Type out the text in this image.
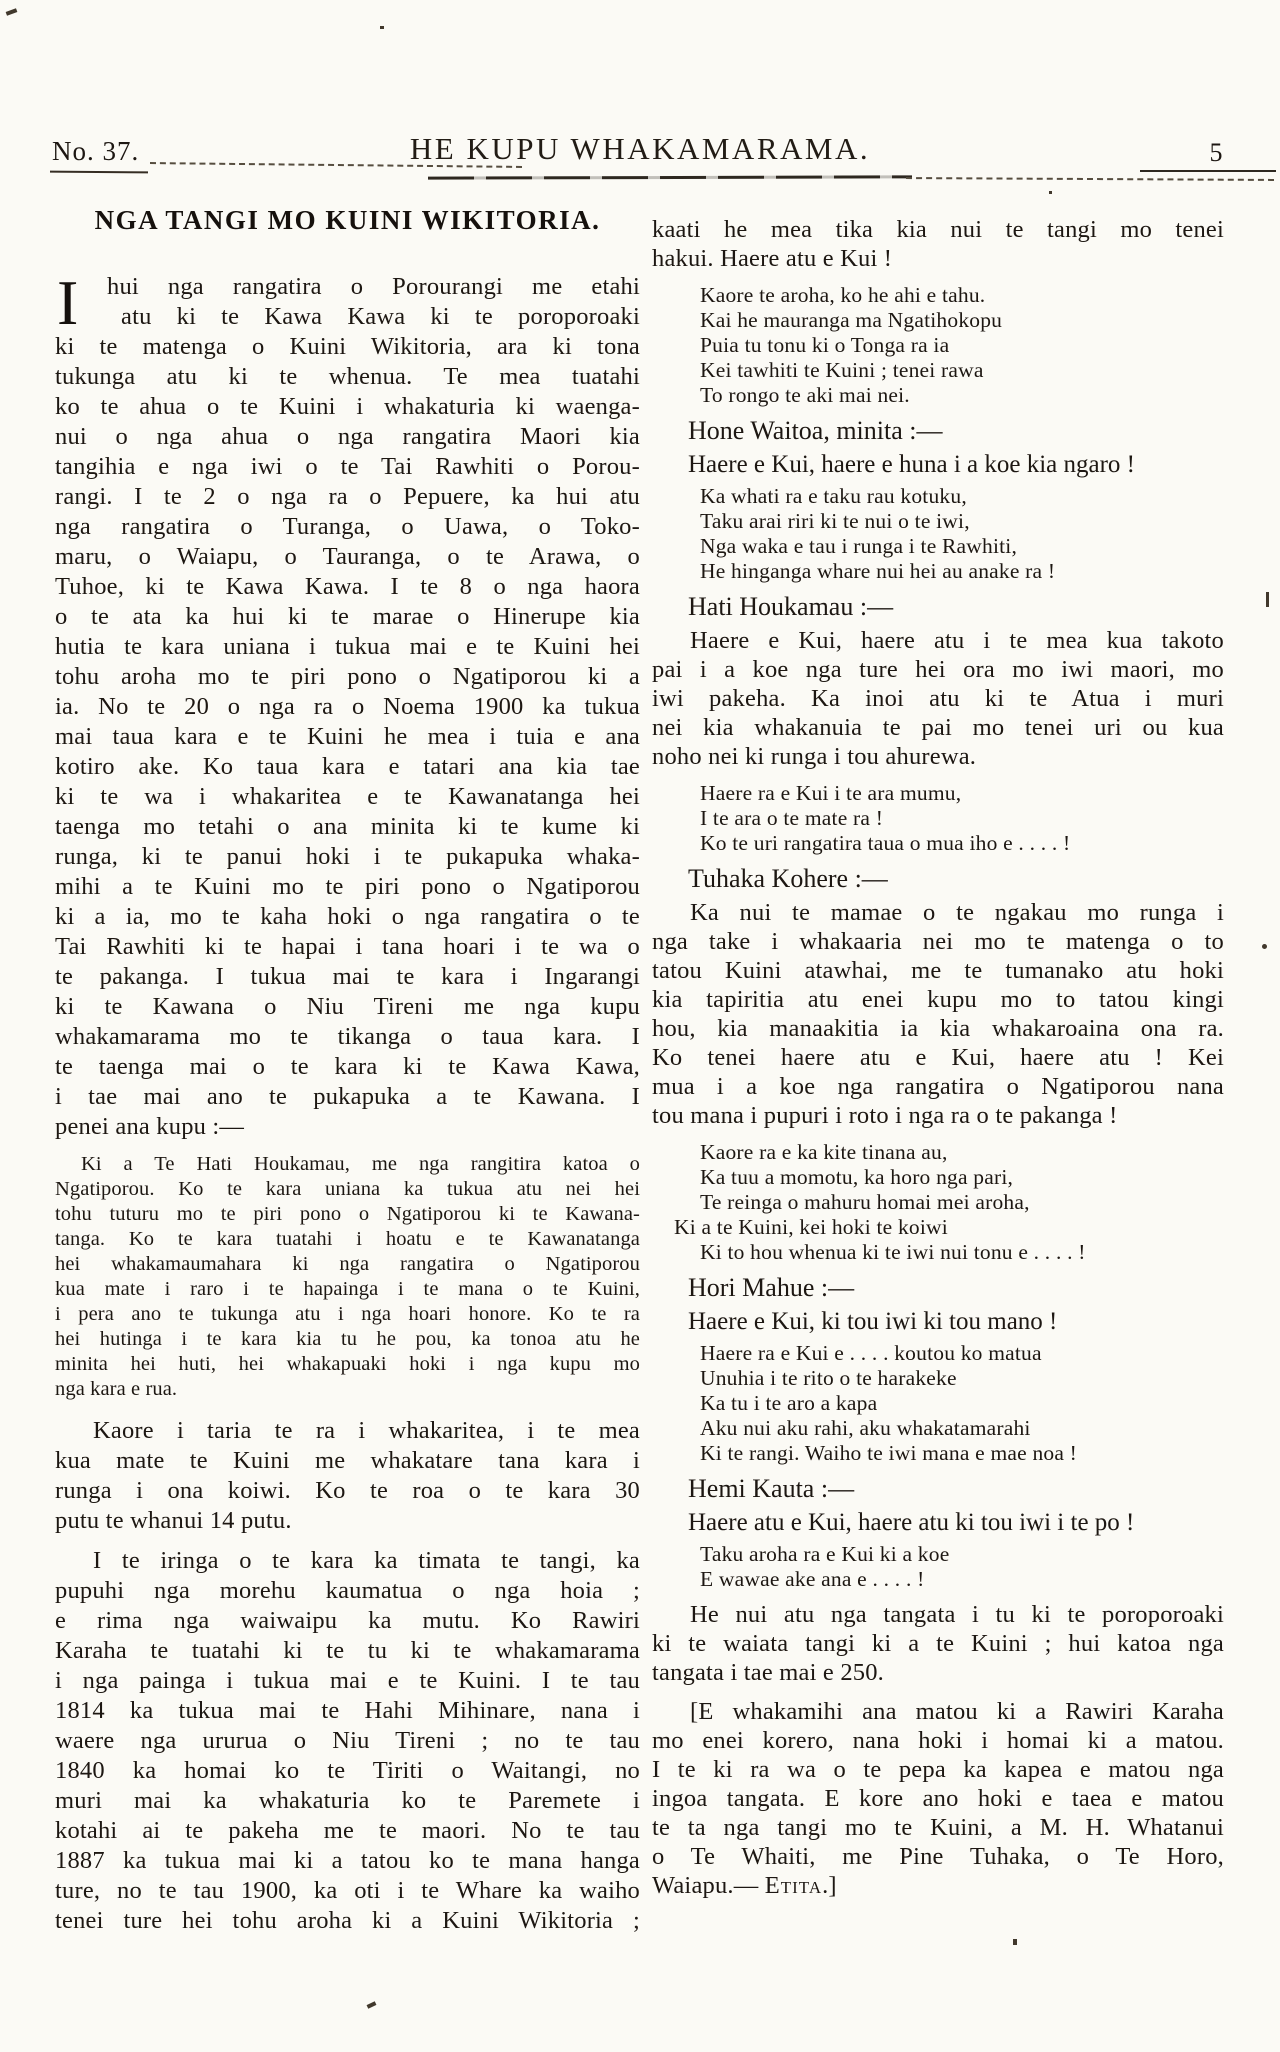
No. 37.	HE KUPU WHAKAMARAMA.	5
NGA TANGI MO KUINI WIKITORIA.
I	hui nga rangatira o Porourangi me etahi
atu ki te Kawa Kawa ki te poroporoaki
ki te matenga o Kuini Wikitoria, ara ki tona
tukunga atu ki te whenua. Te mea tuatahi
ko te ahua o te Kuini i whakaturia ki waenga-
nui o nga ahua o nga rangatira Maori kia
tangihia e nga iwi o te Tai Rawhiti o Porou-
rangi. I te 2 o nga ra o Pepuere, ka hui atu
nga rangatira o Turanga, o Uawa, o Toko-
maru, o Waiapu, o Tauranga, o te Arawa, o
Tuhoe, ki te Kawa Kawa. I te 8 o nga haora
o te ata ka hui ki te marae o Hinerupe kia
hutia te kara uniana i tukua mai e te Kuini hei
tohu aroha mo te piri pono o Ngatiporou ki a
ia. No te 20 o nga ra o Noema 1900 ka tukua
mai taua kara e te Kuini he mea i tuia e ana
kotiro ake. Ko taua kara e tatari ana kia tae
ki te wa i whakaritea e te Kawanatanga hei
taenga mo tetahi o ana minita ki te kume ki
runga, ki te panui hoki i te pukapuka whaka-
mihi a te Kuini mo te piri pono o Ngatiporou
ki a ia, mo te kaha hoki o nga rangatira o te
Tai Rawhiti ki te hapai i tana hoari i te wa o
te pakanga. I tukua mai te kara i Ingarangi
ki te Kawana o Niu Tireni me nga kupu
whakamarama mo te tikanga o taua kara. I
te taenga mai o te kara ki te Kawa Kawa,
i tae mai ano te pukapuka a te Kawana. I
penei ana kupu :—
Ki a Te Hati Houkamau, me nga rangitira katoa o
Ngatiporou. Ko te kara uniana ka tukua atu nei hei
tohu tuturu mo te piri pono o Ngatiporou ki te Kawana-
tanga. Ko te kara tuatahi i hoatu e te Kawanatanga
hei whakamaumahara ki nga rangatira o Ngatiporou
kua mate i raro i te hapainga i te mana o te Kuini,
i pera ano te tukunga atu i nga hoari honore. Ko te ra
hei hutinga i te kara kia tu he pou, ka tonoa atu he
minita hei huti, hei whakapuaki hoki i nga kupu mo
nga kara e rua.
Kaore i taria te ra i whakaritea, i te mea
kua mate te Kuini me whakatare tana kara i
runga i ona koiwi. Ko te roa o te kara 30
putu te whanui 14 putu.
I te iringa o te kara ka timata te tangi, ka
pupuhi nga morehu kaumatua o nga hoia ;
e rima nga waiwaipu ka mutu. Ko Rawiri
Karaha te tuatahi ki te tu ki te whakamarama
i nga painga i tukua mai e te Kuini. I te tau
1814 ka tukua mai te Hahi Mihinare, nana i
waere nga ururua o Niu Tireni ; no te tau
1840 ka homai ko te Tiriti o Waitangi, no
muri mai ka whakaturia ko te Paremete i
kotahi ai te pakeha me te maori. No te tau
1887 ka tukua mai ki a tatou ko te mana hanga
ture, no te tau 1900, ka oti i te Whare ka waiho
tenei ture hei tohu aroha ki a Kuini Wikitoria ;
kaati he mea tika kia nui te tangi mo tenei
hakui. Haere atu e Kui !
Kaore te aroha, ko he ahi e tahu.
Kai he mauranga ma Ngatihokopu
Puia tu tonu ki o Tonga ra ia
Kei tawhiti te Kuini ; tenei rawa
To rongo te aki mai nei.
Hone Waitoa, minita :—
Haere e Kui, haere e huna i a koe kia ngaro !
Ka whati ra e taku rau kotuku,
Taku arai riri ki te nui o te iwi,
Nga waka e tau i runga i te Rawhiti,
He hinganga whare nui hei au anake ra !
Hati Houkamau :—
Haere e Kui, haere atu i te mea kua takoto
pai i a koe nga ture hei ora mo iwi maori, mo
iwi pakeha. Ka inoi atu ki te Atua i muri
nei kia whakanuia te pai mo tenei uri ou kua
noho nei ki runga i tou ahurewa.
Haere ra e Kui i te ara mumu,
I te ara o te mate ra !
Ko te uri rangatira taua o mua iho e . . . . !
Tuhaka Kohere :—
Ka nui te mamae o te ngakau mo runga i
nga take i whakaaria nei mo te matenga o to
tatou Kuini atawhai, me te tumanako atu hoki
kia tapiritia atu enei kupu mo to tatou kingi
hou, kia manaakitia ia kia whakaroaina ona ra.
Ko tenei haere atu e Kui, haere atu ! Kei
mua i a koe nga rangatira o Ngatiporou nana
tou mana i pupuri i roto i nga ra o te pakanga !
Kaore ra e ka kite tinana au,
Ka tuu a momotu, ka horo nga pari,
Te reinga o mahuru homai mei aroha,
Ki a te Kuini, kei hoki te koiwi
Ki to hou whenua ki te iwi nui tonu e . . . . !
Hori Mahue :—
Haere e Kui, ki tou iwi ki tou mano !
Haere ra e Kui e . . . . koutou ko matua
Unuhia i te rito o te harakeke
Ka tu i te aro a kapa
Aku nui aku rahi, aku whakatamarahi
Ki te rangi. Waiho te iwi mana e mae noa !
Hemi Kauta :—
Haere atu e Kui, haere atu ki tou iwi i te po !
Taku aroha ra e Kui ki a koe
E wawae ake ana e . . . . !
He nui atu nga tangata i tu ki te poroporoaki
ki te waiata tangi ki a te Kuini ; hui katoa nga
tangata i tae mai e 250.
[E whakamihi ana matou ki a Rawiri Karaha
mo enei korero, nana hoki i homai ki a matou.
I te ki ra wa o te pepa ka kapea e matou nga
ingoa tangata. E kore ano hoki e taea e matou
te ta nga tangi mo te Kuini, a M. H. Whatanui
o Te Whaiti, me Pine Tuhaka, o Te Horo,
Waiapu.— Etita.]
